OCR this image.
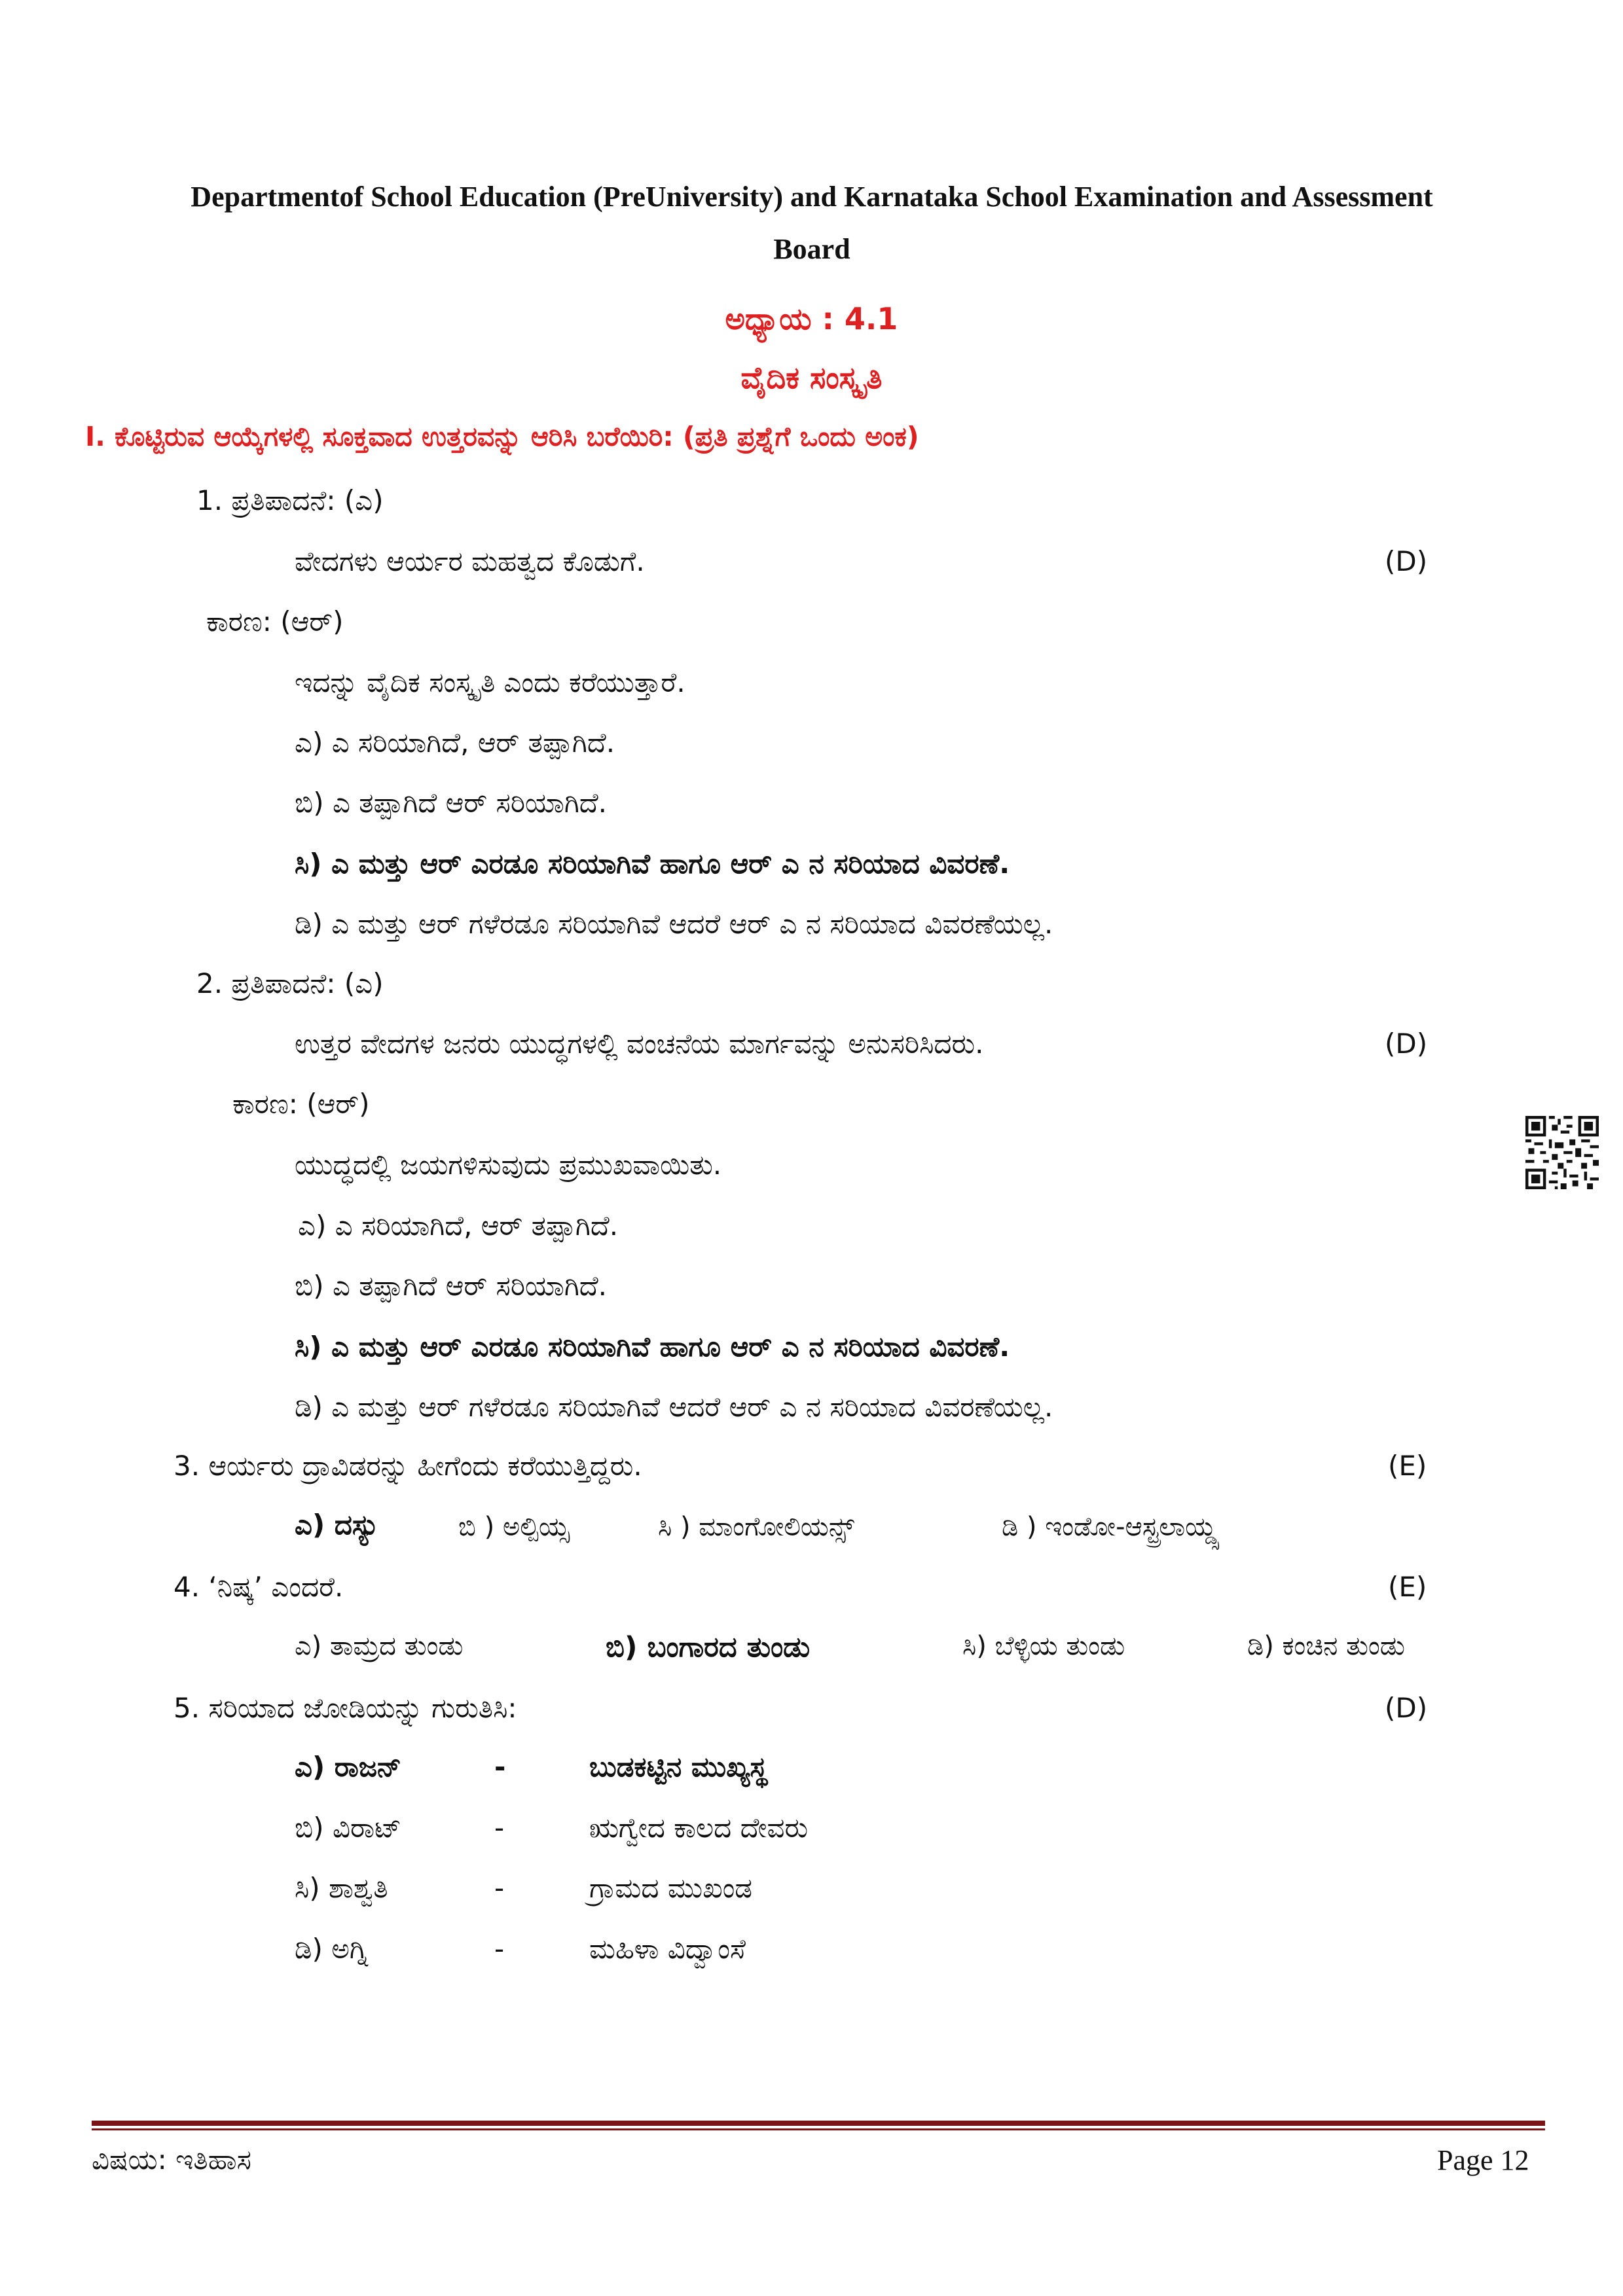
Departmentof School Education (PreUniversity) and Karnataka School Examination and Assessment
Board
ಅಧ್ಯಾಯ : 4.1
ವೈದಿಕ ಸಂಸ್ಕೃತಿ
I. ಕೊಟ್ಟಿರುವ ಆಯ್ಕೆಗಳಲ್ಲಿ ಸೂಕ್ತವಾದ ಉತ್ತರವನ್ನು ಆರಿಸಿ ಬರೆಯಿರಿ: (ಪ್ರತಿ ಪ್ರಶ್ನೆಗೆ ಒಂದು ಅಂಕ)
1. ಪ್ರತಿಪಾದನೆ: (ಎ)
ವೇದಗಳು ಆರ್ಯರ ಮಹತ್ವದ ಕೊಡುಗೆ.	(D)
ಕಾರಣ: (ಆರ್)
ಇದನ್ನು ವೈದಿಕ ಸಂಸ್ಕೃತಿ ಎಂದು ಕರೆಯುತ್ತಾರೆ.
ಎ) ಎ ಸರಿಯಾಗಿದೆ, ಆರ್ ತಪ್ಪಾಗಿದೆ.
ಬಿ) ಎ ತಪ್ಪಾಗಿದೆ ಆರ್ ಸರಿಯಾಗಿದೆ.
ಸಿ) ಎ ಮತ್ತು ಆರ್ ಎರಡೂ ಸರಿಯಾಗಿವೆ ಹಾಗೂ ಆರ್ ಎ ನ ಸರಿಯಾದ ವಿವರಣೆ.
ಡಿ) ಎ ಮತ್ತು ಆರ್ ಗಳೆರಡೂ ಸರಿಯಾಗಿವೆ ಆದರೆ ಆರ್ ಎ ನ ಸರಿಯಾದ ವಿವರಣೆಯಲ್ಲ.
2. ಪ್ರತಿಪಾದನೆ: (ಎ)
ಉತ್ತರ ವೇದಗಳ ಜನರು ಯುದ್ಧಗಳಲ್ಲಿ ವಂಚನೆಯ ಮಾರ್ಗವನ್ನು ಅನುಸರಿಸಿದರು.	(D)
ಕಾರಣ: (ಆರ್)
ಯುದ್ಧದಲ್ಲಿ ಜಯಗಳಿಸುವುದು ಪ್ರಮುಖವಾಯಿತು.
ಎ) ಎ ಸರಿಯಾಗಿದೆ, ಆರ್ ತಪ್ಪಾಗಿದೆ.
ಬಿ) ಎ ತಪ್ಪಾಗಿದೆ ಆರ್ ಸರಿಯಾಗಿದೆ.
ಸಿ) ಎ ಮತ್ತು ಆರ್ ಎರಡೂ ಸರಿಯಾಗಿವೆ ಹಾಗೂ ಆರ್ ಎ ನ ಸರಿಯಾದ ವಿವರಣೆ.
ಡಿ) ಎ ಮತ್ತು ಆರ್ ಗಳೆರಡೂ ಸರಿಯಾಗಿವೆ ಆದರೆ ಆರ್ ಎ ನ ಸರಿಯಾದ ವಿವರಣೆಯಲ್ಲ.
3. ಆರ್ಯರು ದ್ರಾವಿಡರನ್ನು ಹೀಗೆಂದು ಕರೆಯುತ್ತಿದ್ದರು.	(E)
ಎ) ದಸ್ಯು	ಬಿ ) ಅಲ್ಪಿಯ್ಸ	ಸಿ ) ಮಾಂಗೋಲಿಯನ್ಸ್	ಡಿ ) ಇಂಡೋ-ಆಸ್ಟ್ರಲಾಯ್ಡ್ಸ
4. ‘ನಿಷ್ಕ’ ಎಂದರೆ.	(E)
ಎ) ತಾಮ್ರದ ತುಂಡು	ಬಿ) ಬಂಗಾರದ ತುಂಡು	ಸಿ) ಬೆಳ್ಳಿಯ ತುಂಡು	ಡಿ) ಕಂಚಿನ ತುಂಡು
5. ಸರಿಯಾದ ಜೋಡಿಯನ್ನು ಗುರುತಿಸಿ:	(D)
ಎ) ರಾಜನ್	-	ಬುಡಕಟ್ಟಿನ ಮುಖ್ಯಸ್ಥ
ಬಿ) ವಿರಾಟ್	-	ಋಗ್ವೇದ ಕಾಲದ ದೇವರು
ಸಿ) ಶಾಶ್ವತಿ	-	ಗ್ರಾಮದ ಮುಖಂಡ
ಡಿ) ಅಗ್ನಿ	-	ಮಹಿಳಾ ವಿದ್ವಾಂಸೆ
ವಿಷಯ: ಇತಿಹಾಸ	Page 12
